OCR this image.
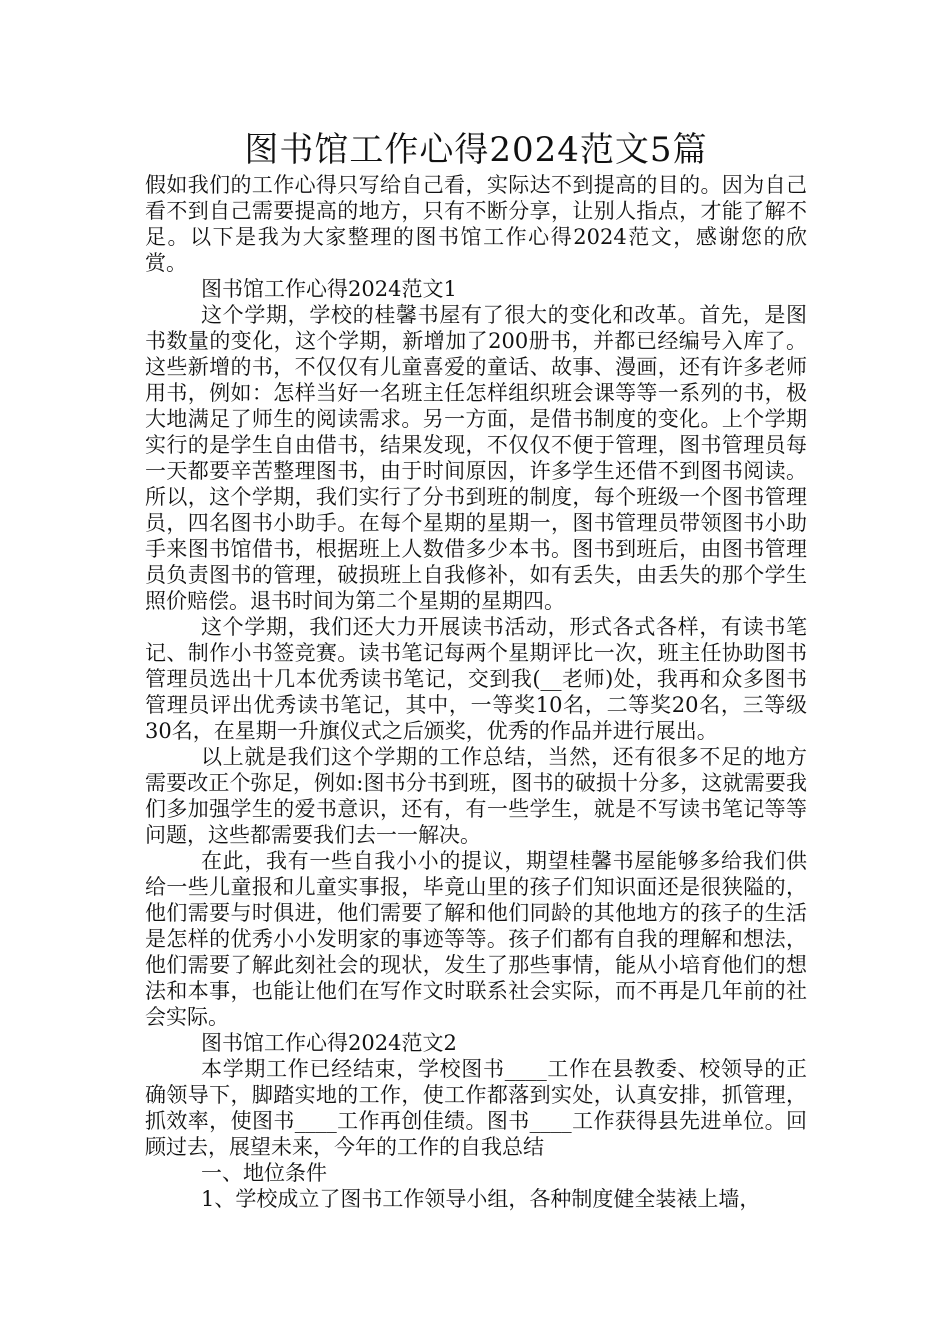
图书馆工作心得2024范文5篇

假如我们的工作心得只写给自己看，实际达不到提高的目的。因为自己看不到自己需要提高的地方，只有不断分享，让别人指点，才能了解不足。以下是我为大家整理的图书馆工作心得2024范文，感谢您的欣赏。

图书馆工作心得2024范文1

这个学期，学校的桂馨书屋有了很大的变化和改革。首先，是图书数量的变化，这个学期，新增加了200册书，并都已经编号入库了。这些新增的书，不仅仅有儿童喜爱的童话、故事、漫画，还有许多老师用书，例如：怎样当好一名班主任怎样组织班会课等等一系列的书，极大地满足了师生的阅读需求。另一方面，是借书制度的变化。上个学期实行的是学生自由借书，结果发现，不仅仅不便于管理，图书管理员每一天都要辛苦整理图书，由于时间原因，许多学生还借不到图书阅读。所以，这个学期，我们实行了分书到班的制度，每个班级一个图书管理员，四名图书小助手。在每个星期的星期一，图书管理员带领图书小助手来图书馆借书，根据班上人数借多少本书。图书到班后，由图书管理员负责图书的管理，破损班上自我修补，如有丢失，由丢失的那个学生照价赔偿。退书时间为第二个星期的星期四。

这个学期，我们还大力开展读书活动，形式各式各样，有读书笔记、制作小书签竞赛。读书笔记每两个星期评比一次，班主任协助图书管理员选出十几本优秀读书笔记，交到我(__老师)处，我再和众多图书管理员评出优秀读书笔记，其中，一等奖10名，二等奖20名，三等级30名，在星期一升旗仪式之后颁奖，优秀的作品并进行展出。

以上就是我们这个学期的工作总结，当然，还有很多不足的地方需要改正个弥足，例如:图书分书到班，图书的破损十分多，这就需要我们多加强学生的爱书意识，还有，有一些学生，就是不写读书笔记等等问题，这些都需要我们去一一解决。

在此，我有一些自我小小的提议，期望桂馨书屋能够多给我们供给一些儿童报和儿童实事报，毕竟山里的孩子们知识面还是很狭隘的，他们需要与时俱进，他们需要了解和他们同龄的其他地方的孩子的生活是怎样的优秀小小发明家的事迹等等。孩子们都有自我的理解和想法，他们需要了解此刻社会的现状，发生了那些事情，能从小培育他们的想法和本事，也能让他们在写作文时联系社会实际，而不再是几年前的社会实际。

图书馆工作心得2024范文2

本学期工作已经结束，学校图书____工作在县教委、校领导的正确领导下，脚踏实地的工作，使工作都落到实处，认真安排，抓管理，抓效率，使图书____工作再创佳绩。图书____工作获得县先进单位。回顾过去，展望未来，今年的工作的自我总结

一、地位条件

1、学校成立了图书工作领导小组，各种制度健全装裱上墙，
